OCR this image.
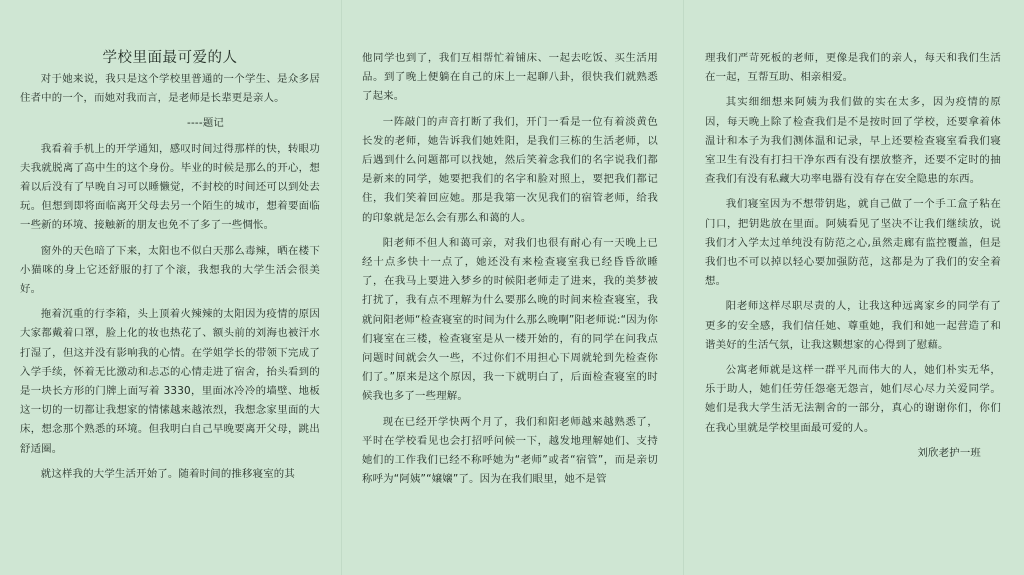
学校里面最可爱的人

对于她来说，我只是这个学校里普通的一个学生、是众多居住者中的一个，而她对我而言，是老师是长辈更是亲人。

----题记

我看着手机上的开学通知，感叹时间过得那样的快，转眼功夫我就脱离了高中生的这个身份。毕业的时候是那么的开心，想着以后没有了早晚自习可以睡懒觉，不封校的时间还可以到处去玩。但想到即将面临离开父母去另一个陌生的城市，想着要面临一些新的环境、接触新的朋友也免不了多了一些惆怅。

窗外的天色暗了下来，太阳也不似白天那么毒辣，晒在楼下小猫咪的身上它还舒服的打了个滚，我想我的大学生活会很美好。

拖着沉重的行李箱，头上顶着火辣辣的太阳因为疫情的原因大家都戴着口罩，脸上化的妆也热花了、额头前的刘海也被汗水打湿了，但这并没有影响我的心情。在学姐学长的带领下完成了入学手续，怀着无比激动和忐忑的心情走进了宿舍，抬头看到的是一块长方形的门牌上面写着 3330，里面冰冷冷的墙壁、地板这一切的一切都让我想家的情愫越来越浓烈，我想念家里面的大床，想念那个熟悉的环境。但我明白自己早晚要离开父母，跳出舒适圈。

就这样我的大学生活开始了。随着时间的推移寝室的其

他同学也到了，我们互相帮忙着铺床、一起去吃饭、买生活用品。到了晚上便躺在自己的床上一起聊八卦，很快我们就熟悉了起来。

一阵敲门的声音打断了我们，开门一看是一位有着淡黄色长发的老师，她告诉我们她姓阳，是我们三栋的生活老师，以后遇到什么问题都可以找她，然后笑着念我们的名字说我们都是新来的同学，她要把我们的名字和脸对照上，要把我们都记住，我们笑着回应她。那是我第一次见我们的宿管老师，给我的印象就是怎么会有那么和蔼的人。

阳老师不但人和蔼可亲，对我们也很有耐心有一天晚上已经十点多快十一点了，她还没有来检查寝室我已经昏昏欲睡了，在我马上要进入梦乡的时候阳老师走了进来，我的美梦被打扰了，我有点不理解为什么要那么晚的时间来检查寝室，我就问阳老师“检查寝室的时间为什么那么晚啊”阳老师说:“因为你们寝室在三楼，检查寝室是从一楼开始的，有的同学在问我点问题时间就会久一些，不过你们不用担心下周就轮到先检查你们了。”原来是这个原因，我一下就明白了，后面检查寝室的时候我也多了一些理解。

现在已经开学快两个月了，我们和阳老师越来越熟悉了，平时在学校看见也会打招呼问候一下，越发地理解她们、支持她们的工作我们已经不称呼她为“老师”或者“宿管”，而是亲切称呼为“阿姨”“嬢嬢”了。因为在我们眼里，她不是管

理我们严苛死板的老师，更像是我们的亲人，每天和我们生活在一起，互帮互助、相亲相爱。

其实细细想来阿姨为我们做的实在太多，因为疫情的原因，每天晚上除了检查我们是不是按时回了学校，还要拿着体温计和本子为我们测体温和记录，早上还要检查寝室看我们寝室卫生有没有打扫干净东西有没有摆放整齐，还要不定时的抽查我们有没有私藏大功率电器有没有存在安全隐患的东西。

我们寝室因为不想带钥匙，就自己做了一个手工盒子粘在门口，把钥匙放在里面。阿姨看见了坚决不让我们继续放，说我们才入学太过单纯没有防范之心,虽然走廊有监控覆盖，但是我们也不可以掉以轻心要加强防范，这都是为了我们的安全着想。

阳老师这样尽职尽责的人，让我这种远离家乡的同学有了更多的安全感，我们信任她、尊重她，我们和她一起营造了和谐美好的生活气氛，让我这颗想家的心得到了慰藉。

公寓老师就是这样一群平凡而伟大的人，她们朴实无华，乐于助人，她们任劳任怨毫无怨言，她们尽心尽力关爱同学。她们是我大学生活无法割舍的一部分，真心的谢谢你们，你们在我心里就是学校里面最可爱的人。

刘欣老护一班
